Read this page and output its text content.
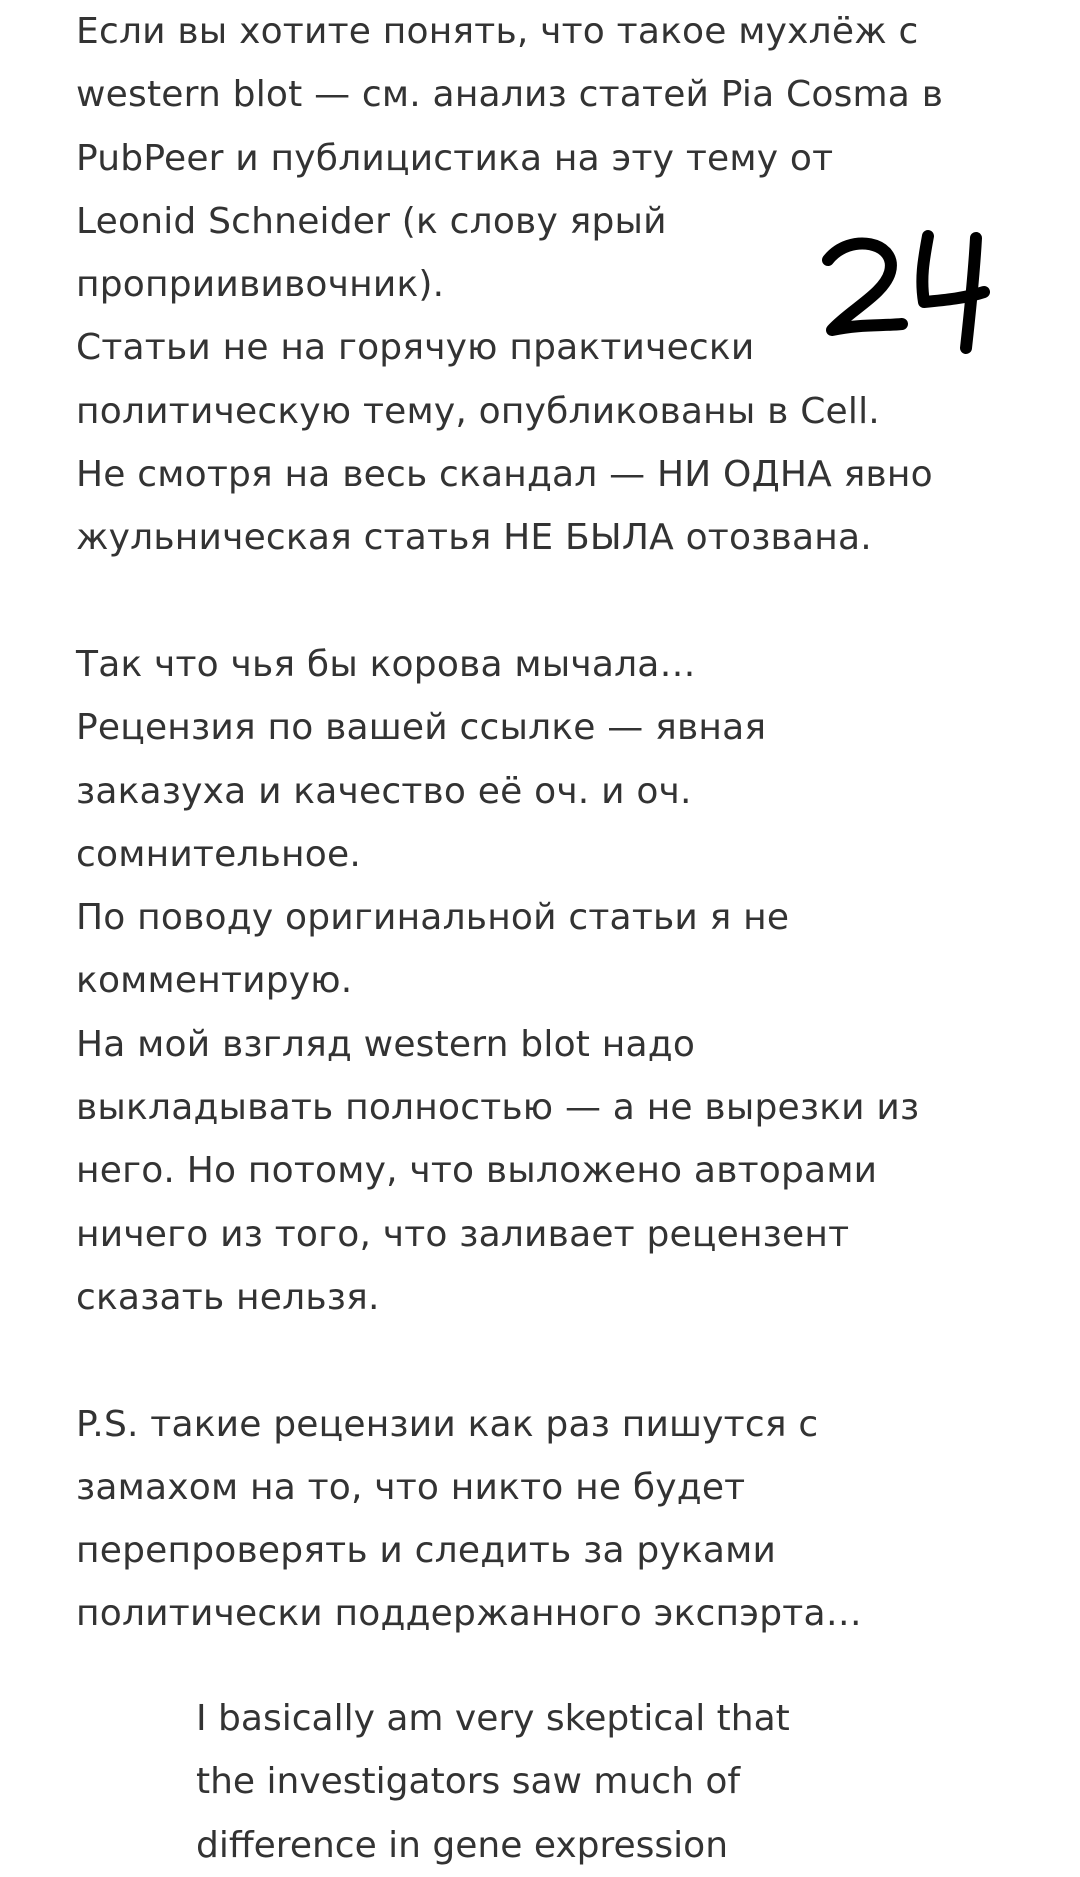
Если вы хотите понять, что такое мухлёж с
western blot — см. анализ статей Pia Cosma в
PubPeer и публицистика на эту тему от
Leonid Schneider (к слову ярый
проприививочник).
Статьи не на горячую практически
политическую тему, опубликованы в Cell.
Не смотря на весь скандал — НИ ОДНА явно
жульническая статья НЕ БЫЛА отозвана.
Так что чья бы корова мычала…
Рецензия по вашей ссылке — явная
заказуха и качество её оч. и оч.
сомнительное.
По поводу оригинальной статьи я не
комментирую.
На мой взгляд western blot надо
выкладывать полностью — а не вырезки из
него. Но потому, что выложено авторами
ничего из того, что заливает рецензент
сказать нельзя.
P.S. такие рецензии как раз пишутся с
замахом на то, что никто не будет
перепроверять и следить за руками
политически поддержанного экспэрта…
I basically am very skeptical that
the investigators saw much of
difference in gene expression
